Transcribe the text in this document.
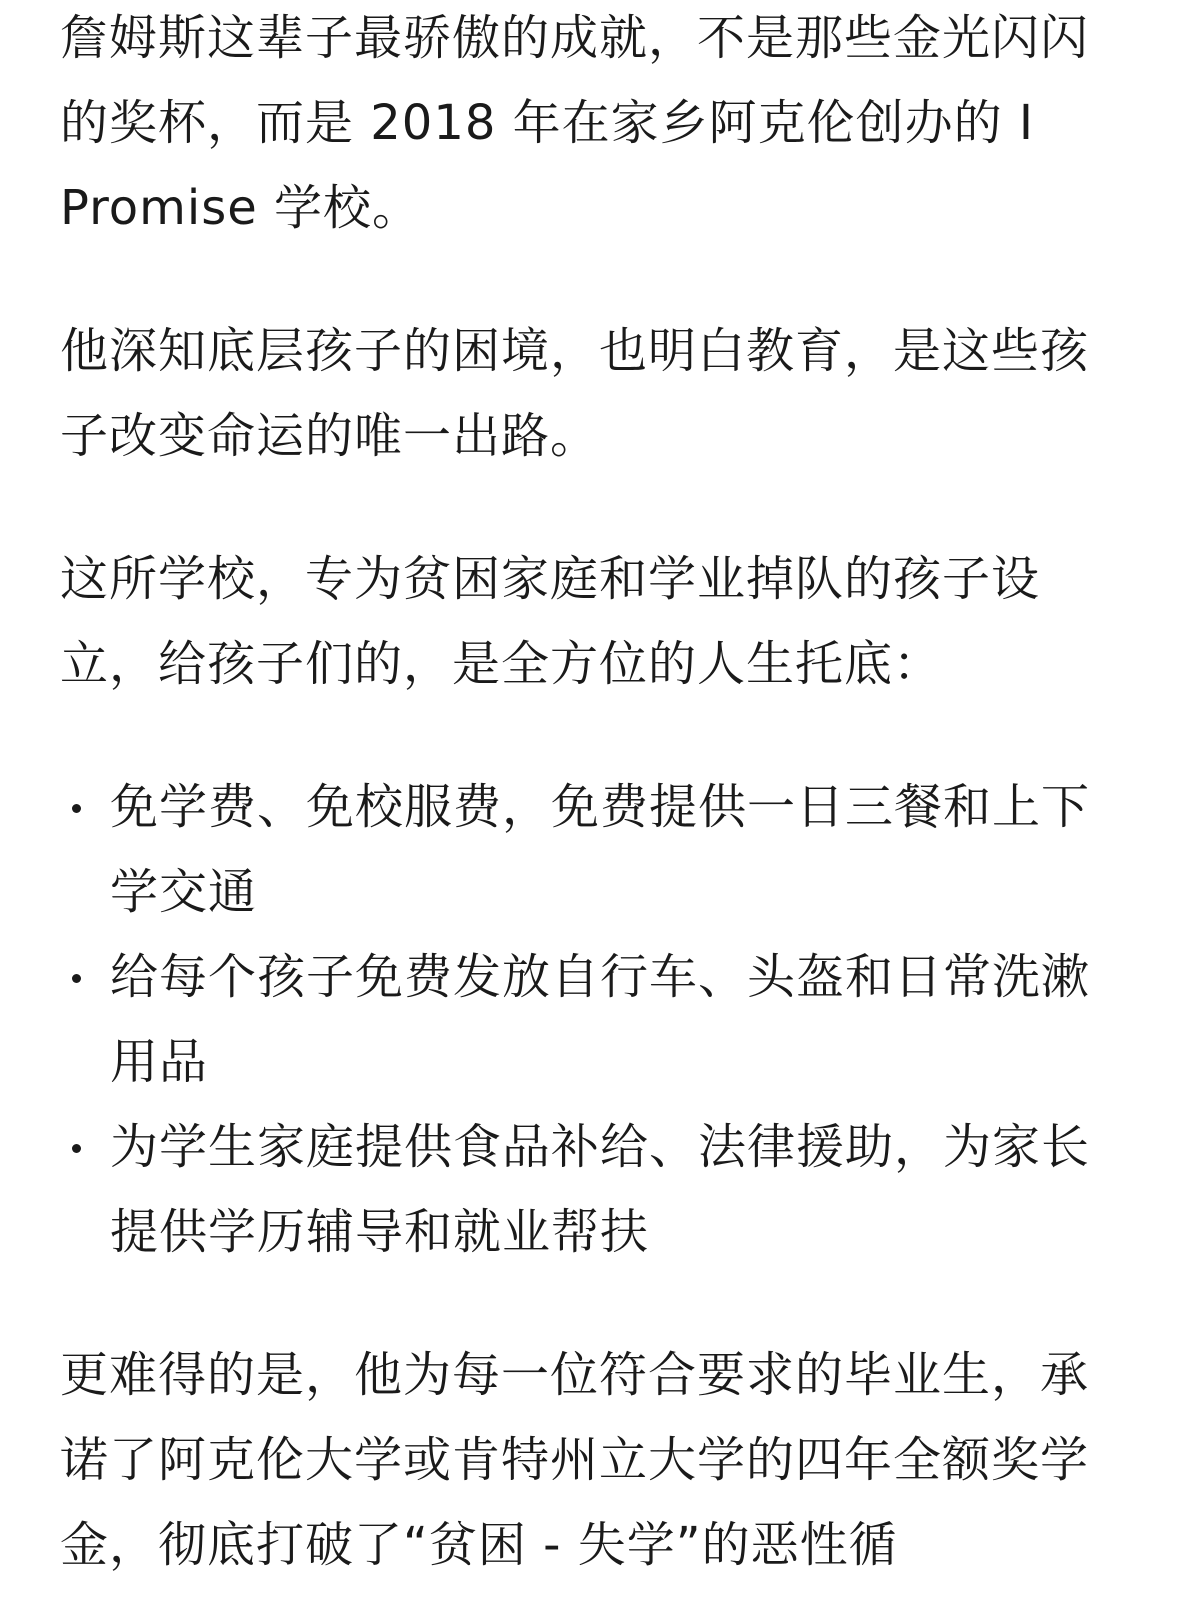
詹姆斯这辈子最骄傲的成就，不是那些金光闪闪的奖杯，而是 2018 年在家乡阿克伦创办的 I Promise 学校。

他深知底层孩子的困境，也明白教育，是这些孩子改变命运的唯一出路。

这所学校，专为贫困家庭和学业掉队的孩子设立，给孩子们的，是全方位的人生托底：

免学费、免校服费，免费提供一日三餐和上下学交通
给每个孩子免费发放自行车、头盔和日常洗漱用品
为学生家庭提供食品补给、法律援助，为家长提供学历辅导和就业帮扶

更难得的是，他为每一位符合要求的毕业生，承诺了阿克伦大学或肯特州立大学的四年全额奖学金，彻底打破了“贫困 - 失学”的恶性循
